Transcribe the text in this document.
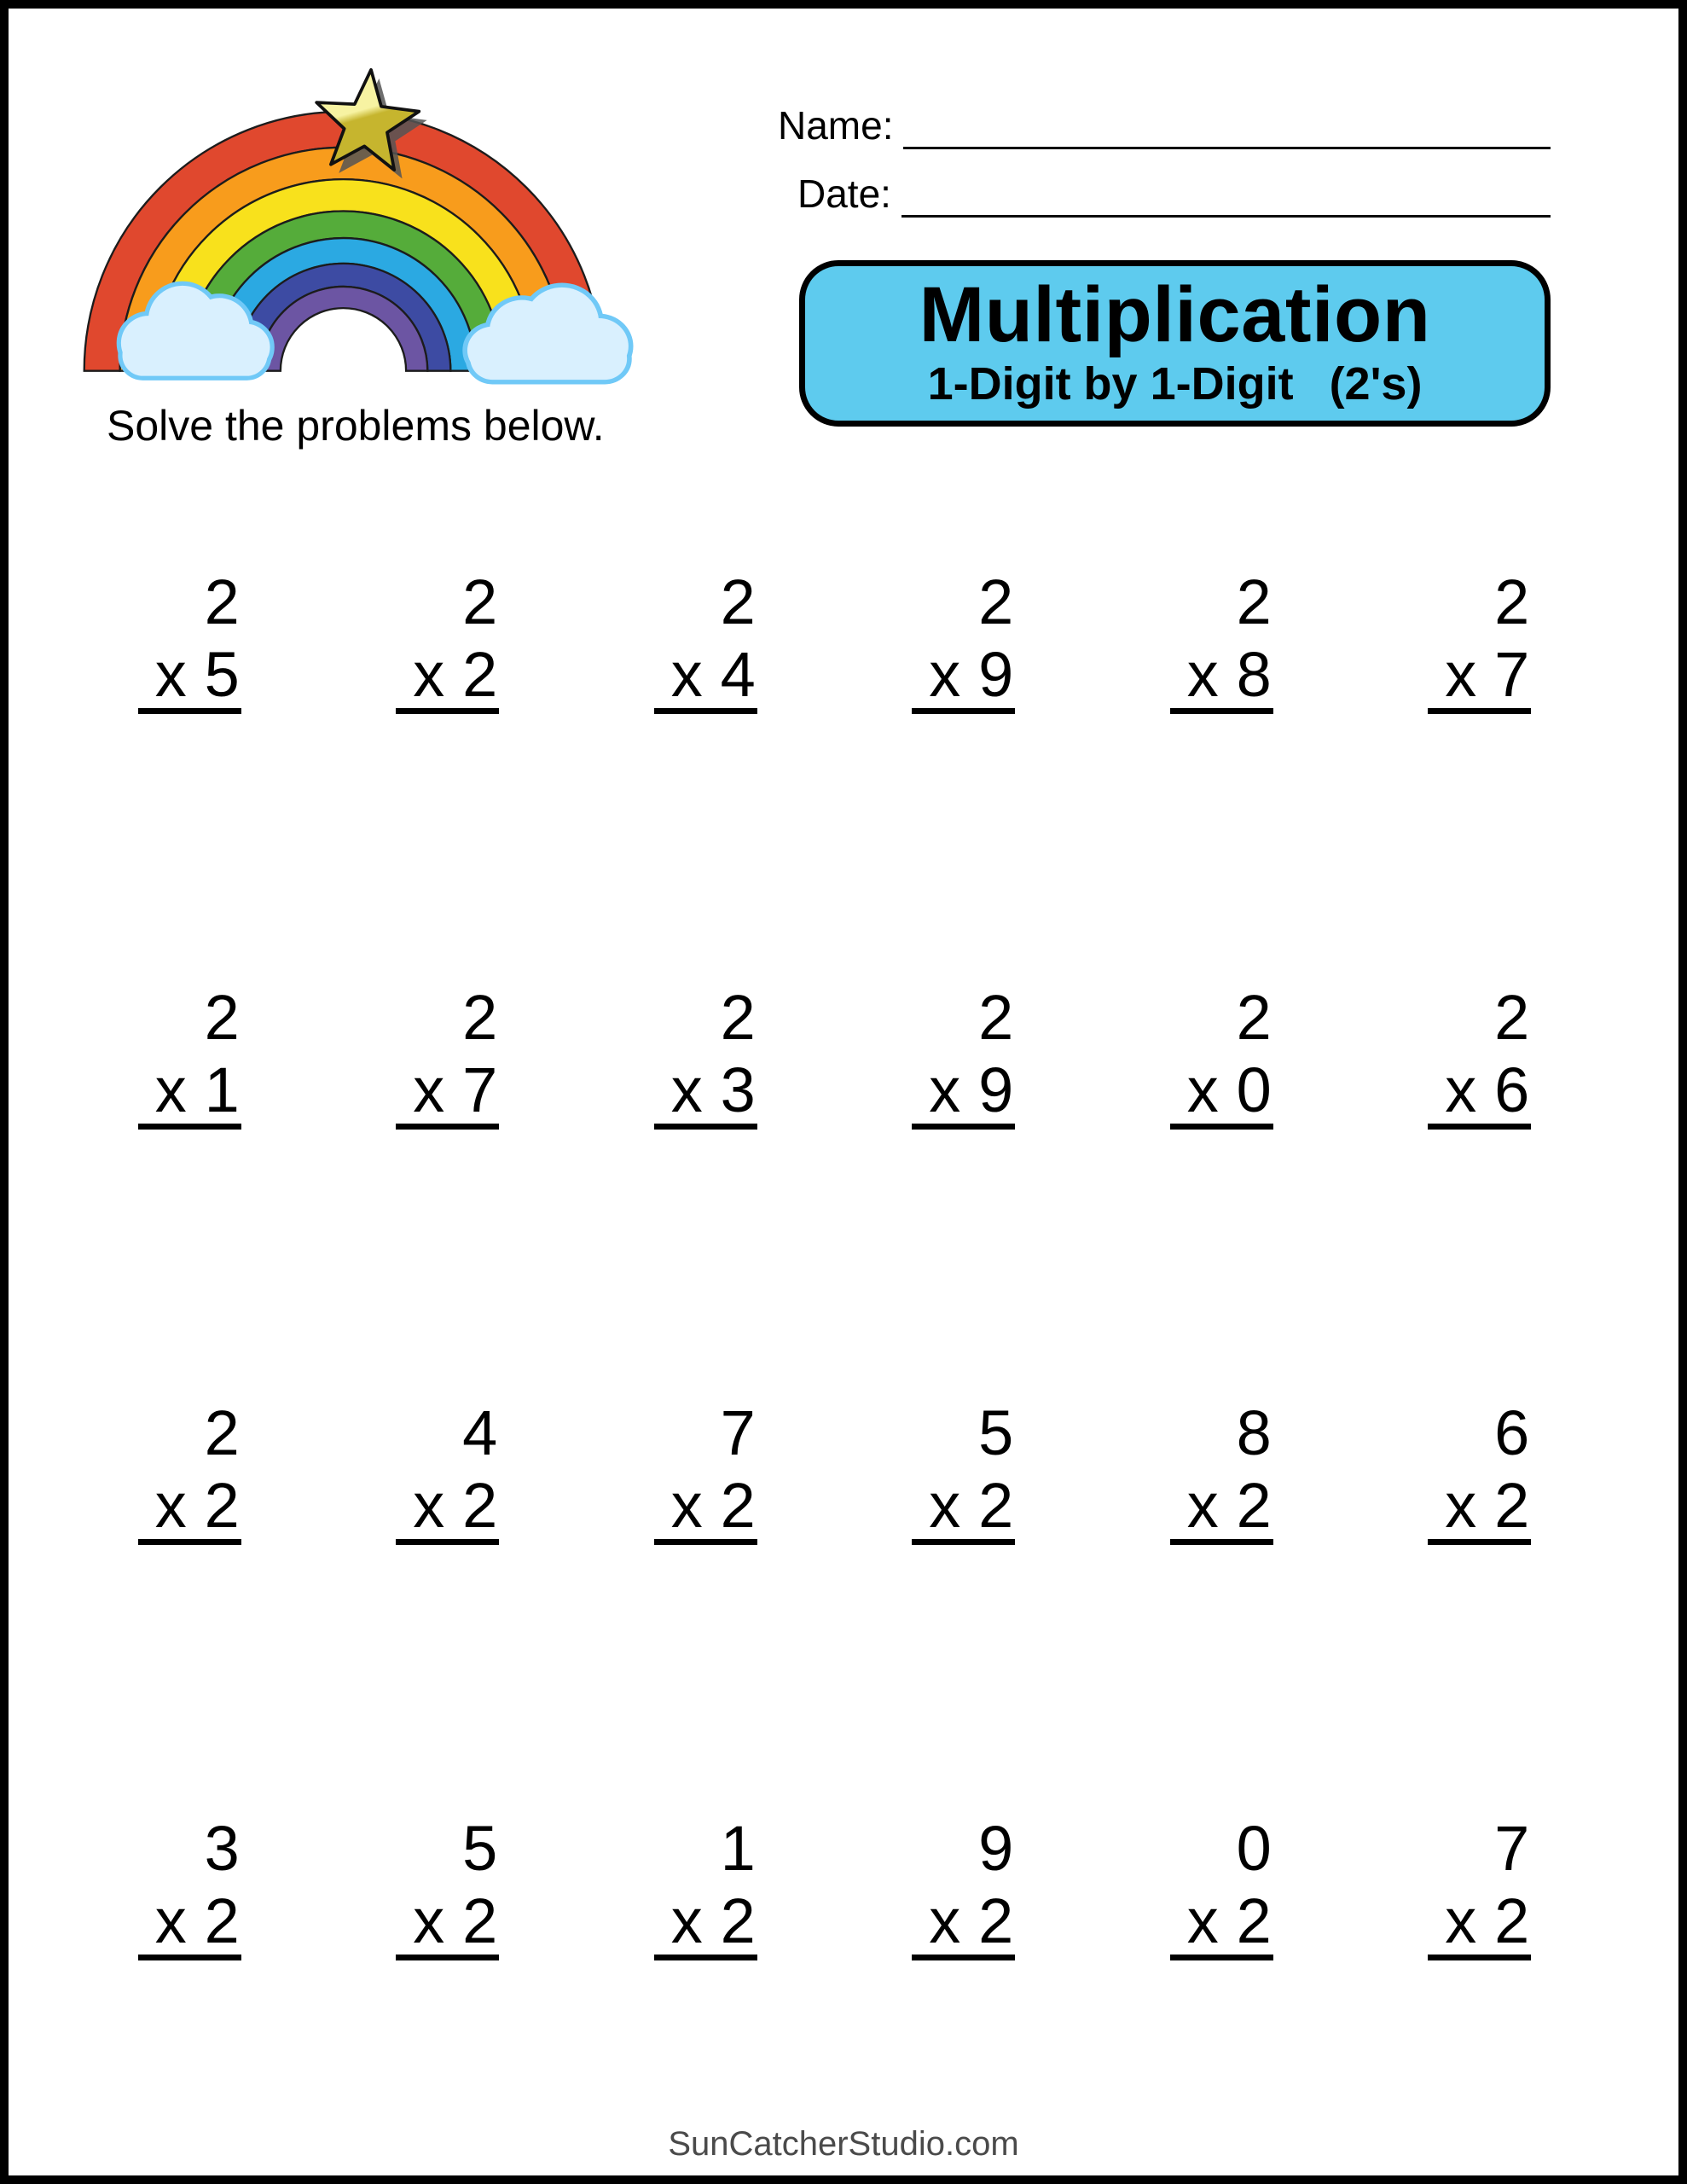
Solve the problems below.
Name:
Date:
Multiplication
1-Digit by 1-Digit (2's)
2
x 5
2
x 2
2
x 4
2
x 9
2
x 8
2
x 7
2
x 1
2
x 7
2
x 3
2
x 9
2
x 0
2
x 6
2
x 2
4
x 2
7
x 2
5
x 2
8
x 2
6
x 2
3
x 2
5
x 2
1
x 2
9
x 2
0
x 2
7
x 2
SunCatcherStudio.com
